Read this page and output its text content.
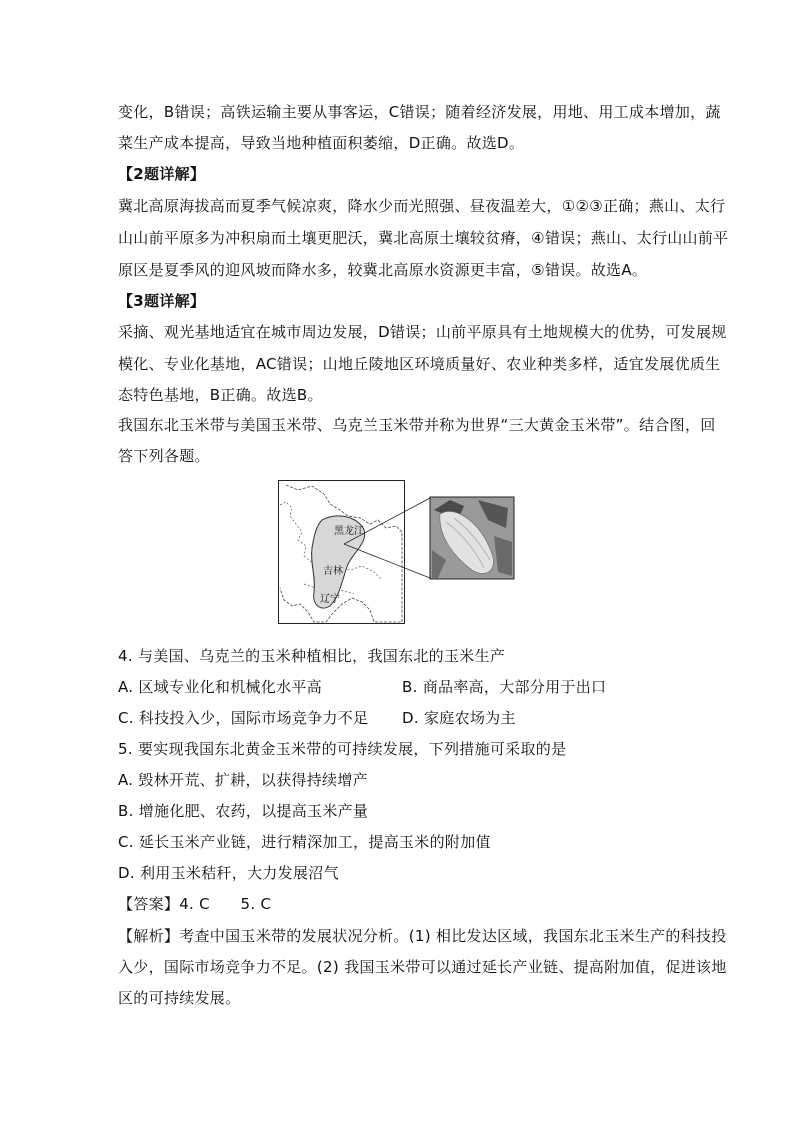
变化，B错误；高铁运输主要从事客运，C错误；随着经济发展，用地、用工成本增加，蔬
菜生产成本提高，导致当地种植面积萎缩，D正确。故选D。
【2题详解】
冀北高原海拔高而夏季气候凉爽，降水少而光照强、昼夜温差大，①②③正确；燕山、太行
山山前平原多为冲积扇而土壤更肥沃，冀北高原土壤较贫瘠，④错误；燕山、太行山山前平
原区是夏季风的迎风坡而降水多，较冀北高原水资源更丰富，⑤错误。故选A。
【3题详解】
采摘、观光基地适宜在城市周边发展，D错误；山前平原具有土地规模大的优势，可发展规
模化、专业化基地，AC错误；山地丘陵地区环境质量好、农业种类多样，适宜发展优质生
态特色基地，B正确。故选B。
我国东北玉米带与美国玉米带、乌克兰玉米带并称为世界“三大黄金玉米带”。结合图，回
答下列各题。
黑龙江
吉林
辽宁
4. 与美国、乌克兰的玉米种植相比，我国东北的玉米生产
A. 区域专业化和机械化水平高	B. 商品率高，大部分用于出口
C. 科技投入少，国际市场竞争力不足 D. 家庭农场为主
5. 要实现我国东北黄金玉米带的可持续发展，下列措施可采取的是
A. 毁林开荒、扩耕，以获得持续增产
B. 增施化肥、农药，以提高玉米产量
C. 延长玉米产业链，进行精深加工，提高玉米的附加值
D. 利用玉米秸秆，大力发展沼气
【答案】4. C　　5. C
【解析】考查中国玉米带的发展状况分析。(1) 相比发达区域，我国东北玉米生产的科技投
入少，国际市场竞争力不足。(2) 我国玉米带可以通过延长产业链、提高附加值，促进该地
区的可持续发展。
